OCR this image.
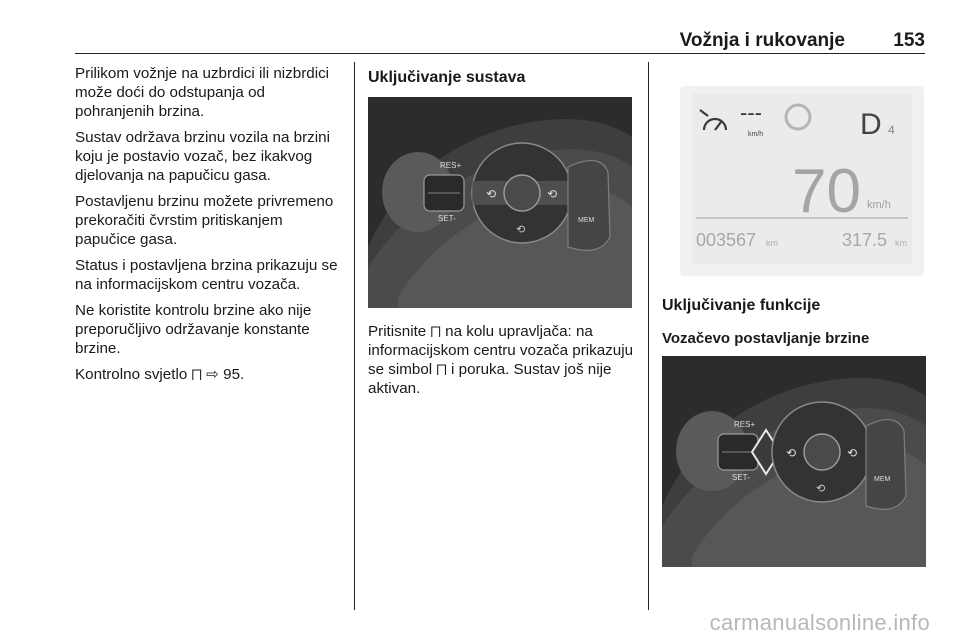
Vožnja i rukovanje	153

Prilikom vožnje na uzbrdici ili nizbrdici može doći do odstupanja od pohranjenih brzina.

Sustav održava brzinu vozila na brzini koju je postavio vozač, bez ikakvog djelovanja na papučicu gasa.

Postavljenu brzinu možete privremeno prekoračiti čvrstim pritiskanjem papučice gasa.

Status i postavljena brzina prikazuju se na informacijskom centru vozača.

Ne koristite kontrolu brzine ako nije preporučljivo održavanje konstante brzine.

Kontrolno svjetlo ⨅ ⇨ 95.

Uključivanje sustava
RES+
SET-
⟲	⟲
⟲
MEM

Pritisnite ⨅ na kolu upravljača: na informacijskom centru vozača prikazuju se simbol ⨅ i poruka. Sustav još nije aktivan.

---
km/h	D 4
70 km/h
003567 km	317.5 km
Uključivanje funkcije
Vozačevo postavljanje brzine
RES+
SET-
⟲	⟲
⟲
MEM
carmanualsonline.info
